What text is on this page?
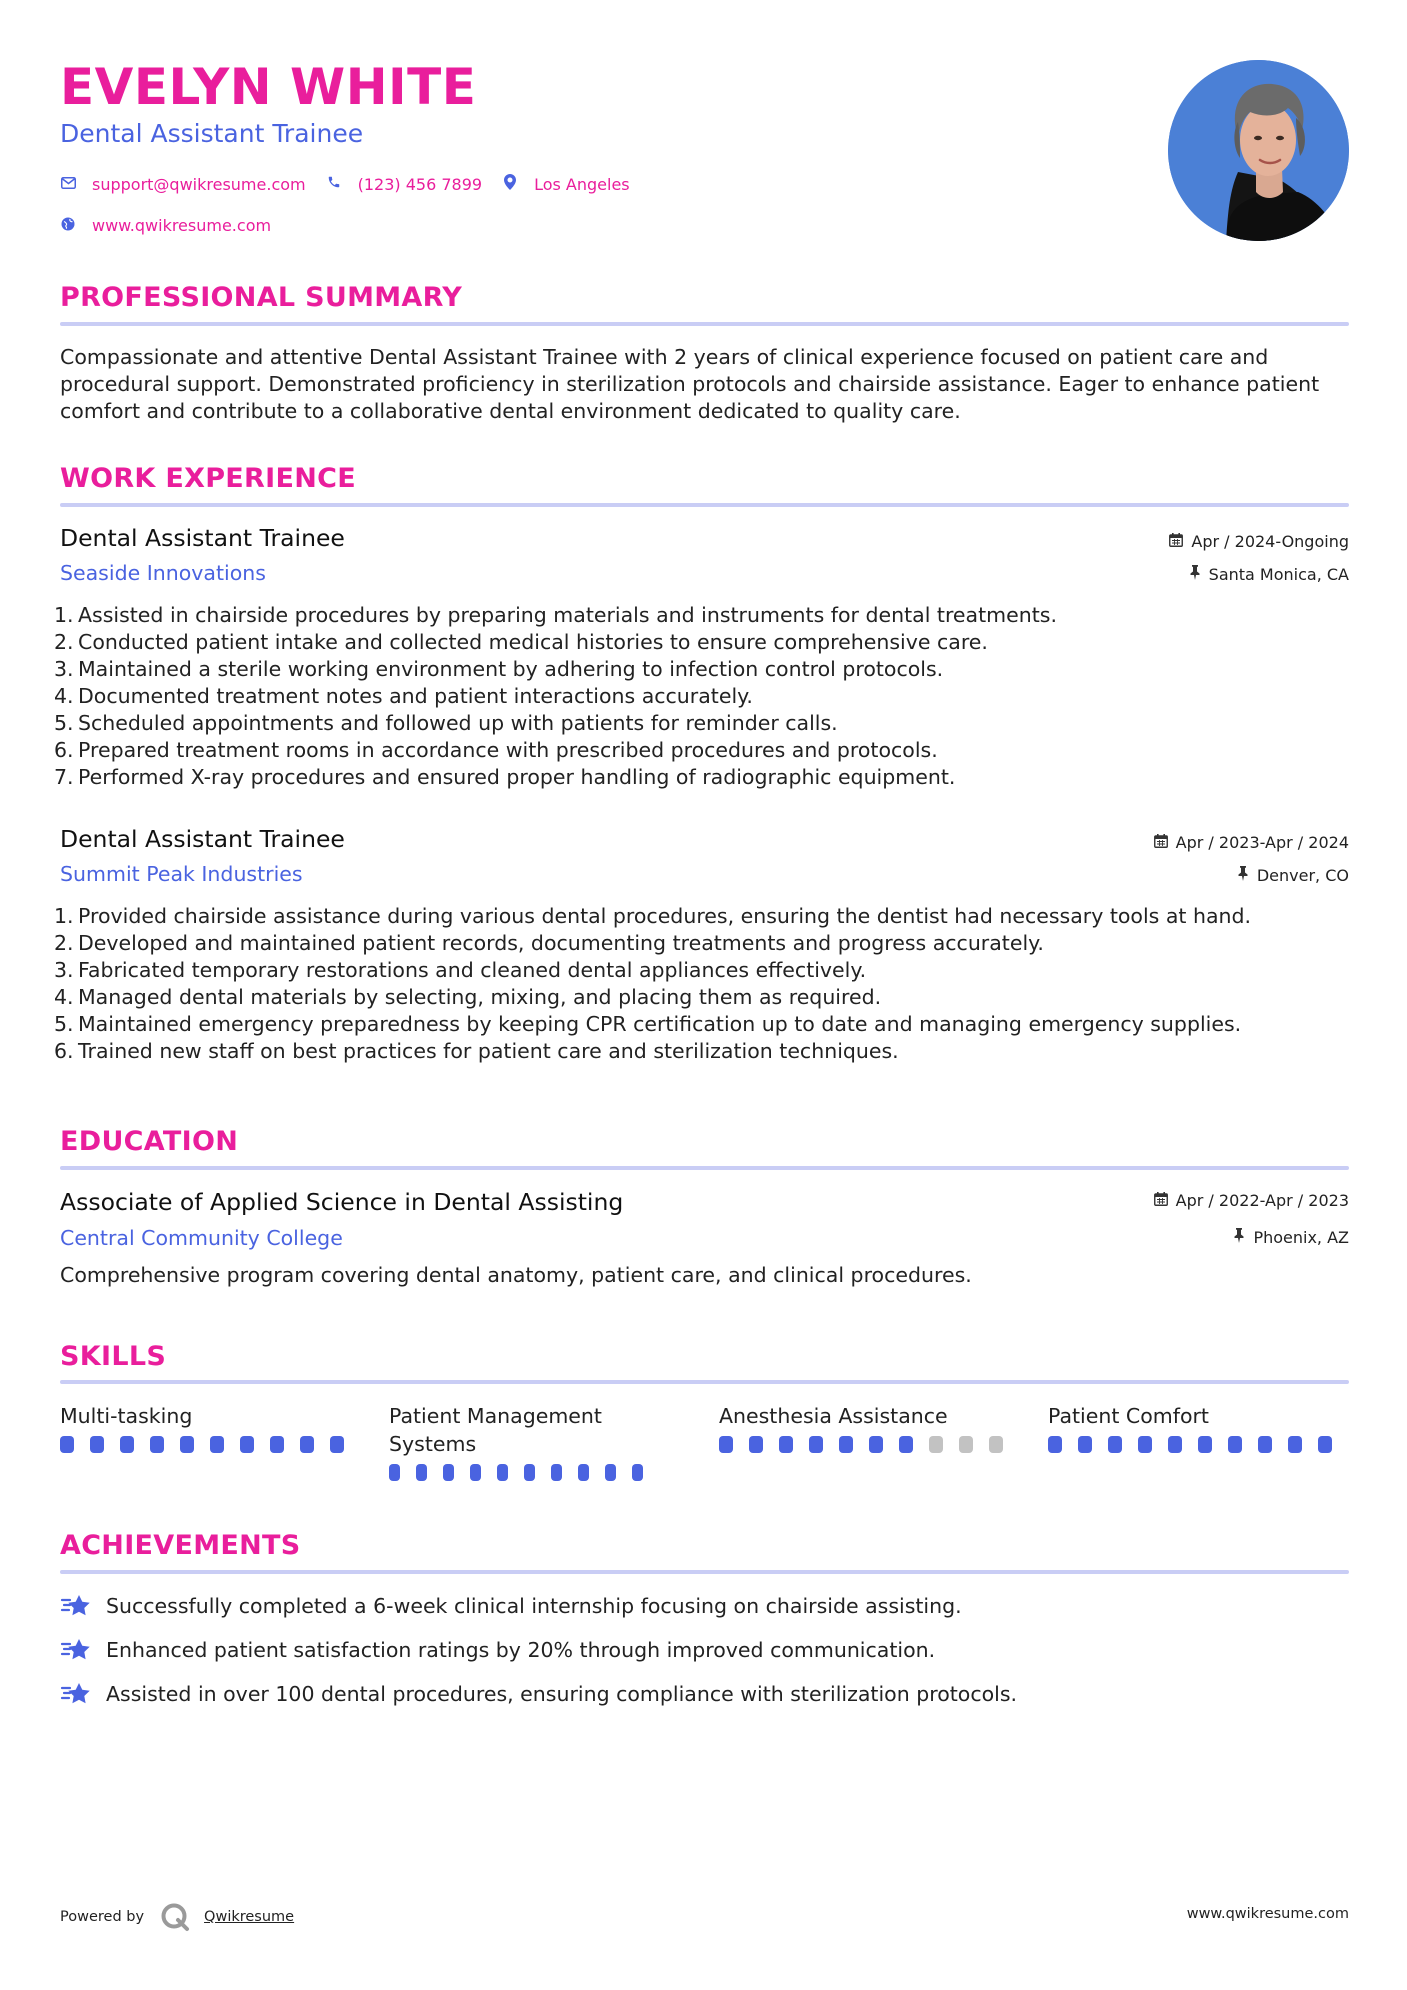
EVELYN WHITE
Dental Assistant Trainee
support@qwikresume.com	(123) 456 7899	Los Angeles
www.qwikresume.com
PROFESSIONAL SUMMARY
Compassionate and attentive Dental Assistant Trainee with 2 years of clinical experience focused on patient care and procedural support. Demonstrated proficiency in sterilization protocols and chairside assistance. Eager to enhance patient comfort and contribute to a collaborative dental environment dedicated to quality care.
WORK EXPERIENCE
Dental Assistant Trainee
Seaside Innovations
Apr / 2024-Ongoing
Santa Monica, CA
1. Assisted in chairside procedures by preparing materials and instruments for dental treatments.
2. Conducted patient intake and collected medical histories to ensure comprehensive care.
3. Maintained a sterile working environment by adhering to infection control protocols.
4. Documented treatment notes and patient interactions accurately.
5. Scheduled appointments and followed up with patients for reminder calls.
6. Prepared treatment rooms in accordance with prescribed procedures and protocols.
7. Performed X-ray procedures and ensured proper handling of radiographic equipment.
Dental Assistant Trainee
Summit Peak Industries
Apr / 2023-Apr / 2024
Denver, CO
1. Provided chairside assistance during various dental procedures, ensuring the dentist had necessary tools at hand.
2. Developed and maintained patient records, documenting treatments and progress accurately.
3. Fabricated temporary restorations and cleaned dental appliances effectively.
4. Managed dental materials by selecting, mixing, and placing them as required.
5. Maintained emergency preparedness by keeping CPR certification up to date and managing emergency supplies.
6. Trained new staff on best practices for patient care and sterilization techniques.
EDUCATION
Associate of Applied Science in Dental Assisting
Central Community College
Apr / 2022-Apr / 2023
Phoenix, AZ
Comprehensive program covering dental anatomy, patient care, and clinical procedures.
SKILLS
Multi-tasking	Patient Management Systems
Anesthesia Assistance	Patient Comfort
ACHIEVEMENTS
Successfully completed a 6-week clinical internship focusing on chairside assisting.
Enhanced patient satisfaction ratings by 20% through improved communication.
Assisted in over 100 dental procedures, ensuring compliance with sterilization protocols.
Powered by	Qwikresume	www.qwikresume.com
